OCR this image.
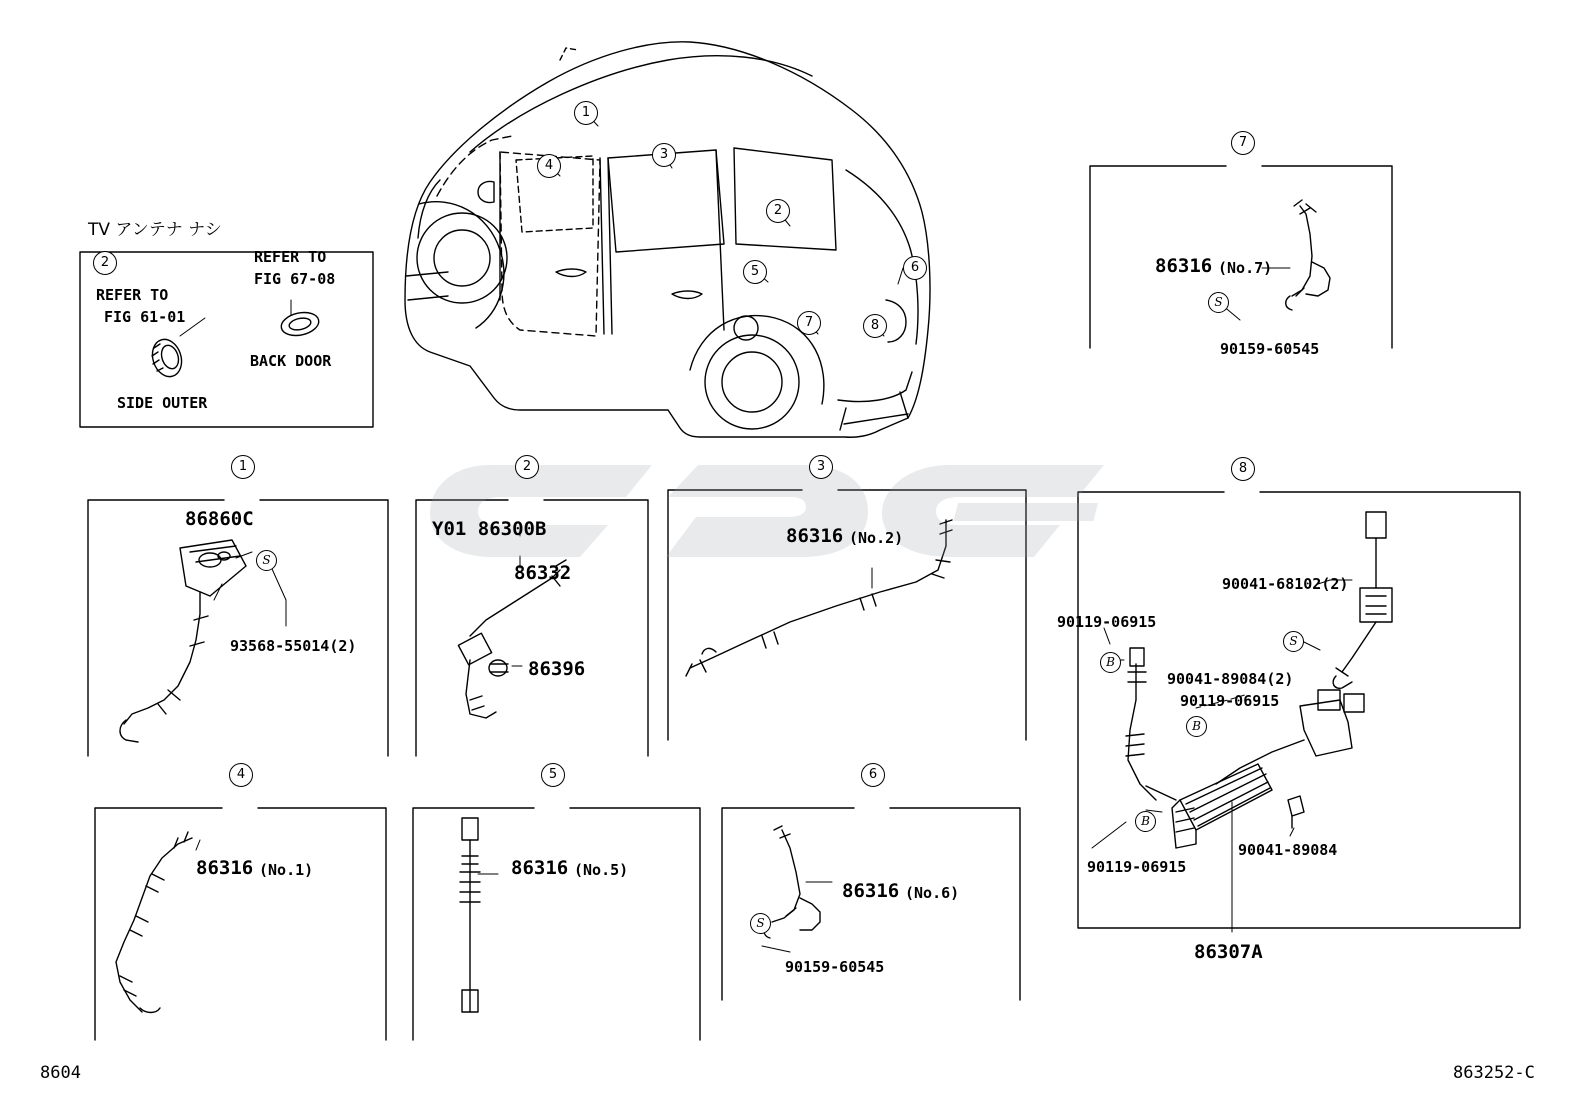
TV アンテナ ナシ
2
REFER TO
FIG 61-01
SIDE OUTER
REFER TO
FIG 67-08
BACK DOOR
1
4
3
2
5	6
7	8
7
1	2	3	8
4	5	6
86860C
93568-55014(2)
Y01 86300B
86332
86396
86316 (No.2)
86316 (No.1)	86316 (No.5)
86316 (No.6)
90159-60545
86316 (No.7)
90159-60545
90041-68102(2)
90119-06915
90041-89084(2)
90119-06915
90119-06915
90041-89084
86307A
S
S
S
S
B
B
B
8604	863252-C
